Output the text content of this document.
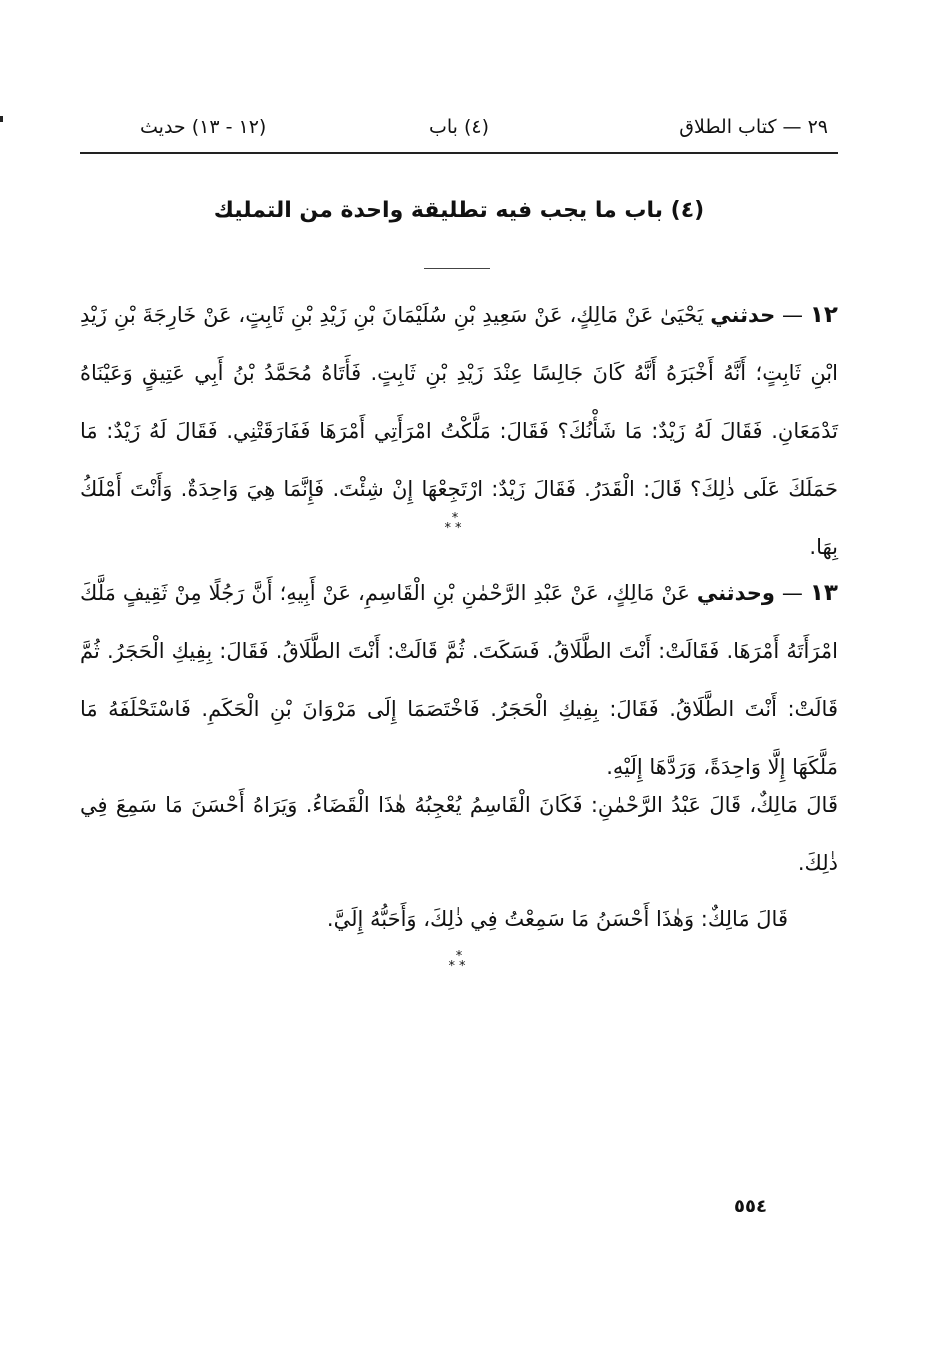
٢٩ — كتاب الطلاق
(٤) باب
(١٢ - ١٣) حديث
(٤) باب ما يجب فيه تطليقة واحدة من التمليك
١٢ — حدثني يَحْيَىٰ عَنْ مَالِكٍ، عَنْ سَعِيدِ بْنِ سُلَيْمَانَ بْنِ زَيْدِ بْنِ ثَابِتٍ، عَنْ خَارِجَةَ بْنِ زَيْدِ ابْنِ ثَابِتٍ؛ أَنَّهُ أَخْبَرَهُ أَنَّهُ كَانَ جَالِسًا عِنْدَ زَيْدِ بْنِ ثَابِتٍ. فَأَتَاهُ مُحَمَّدُ بْنُ أَبِي عَتِيقٍ وَعَيْنَاهُ تَدْمَعَانِ. فَقَالَ لَهُ زَيْدٌ: مَا شَأْنُكَ؟ فَقَالَ: مَلَّكْتُ امْرَأَتِي أَمْرَهَا فَفَارَقَتْنِي. فَقَالَ لَهُ زَيْدٌ: مَا حَمَلَكَ عَلَى ذٰلِكَ؟ قَالَ: الْقَدَرُ. فَقَالَ زَيْدٌ: ارْتَجِعْهَا إِنْ شِئْتَ. فَإِنَّمَا هِيَ وَاحِدَةٌ. وَأَنْتَ أَمْلَكُ بِهَا.
*
**
١٣ — وحدثني عَنْ مَالِكٍ، عَنْ عَبْدِ الرَّحْمٰنِ بْنِ الْقَاسِمِ، عَنْ أَبِيهِ؛ أَنَّ رَجُلًا مِنْ ثَقِيفٍ مَلَّكَ امْرَأَتَهُ أَمْرَهَا. فَقَالَتْ: أَنْتَ الطَّلَاقُ. فَسَكَتَ. ثُمَّ قَالَتْ: أَنْتَ الطَّلَاقُ. فَقَالَ: بِفِيكِ الْحَجَرُ. ثُمَّ قَالَتْ: أَنْتَ الطَّلَاقُ. فَقَالَ: بِفِيكِ الْحَجَرُ. فَاخْتَصَمَا إِلَى مَرْوَانَ بْنِ الْحَكَمِ. فَاسْتَحْلَفَهُ مَا مَلَّكَهَا إِلَّا وَاحِدَةً، وَرَدَّهَا إِلَيْهِ.
قَالَ مَالِكٌ، قَالَ عَبْدُ الرَّحْمٰنِ: فَكَانَ الْقَاسِمُ يُعْجِبُهُ هٰذَا الْقَضَاءُ. وَيَرَاهُ أَحْسَنَ مَا سَمِعَ فِي ذٰلِكَ.
قَالَ مَالِكٌ: وَهٰذَا أَحْسَنُ مَا سَمِعْتُ فِي ذٰلِكَ، وَأَحَبُّهُ إِلَيَّ.
*
**
٥٥٤
